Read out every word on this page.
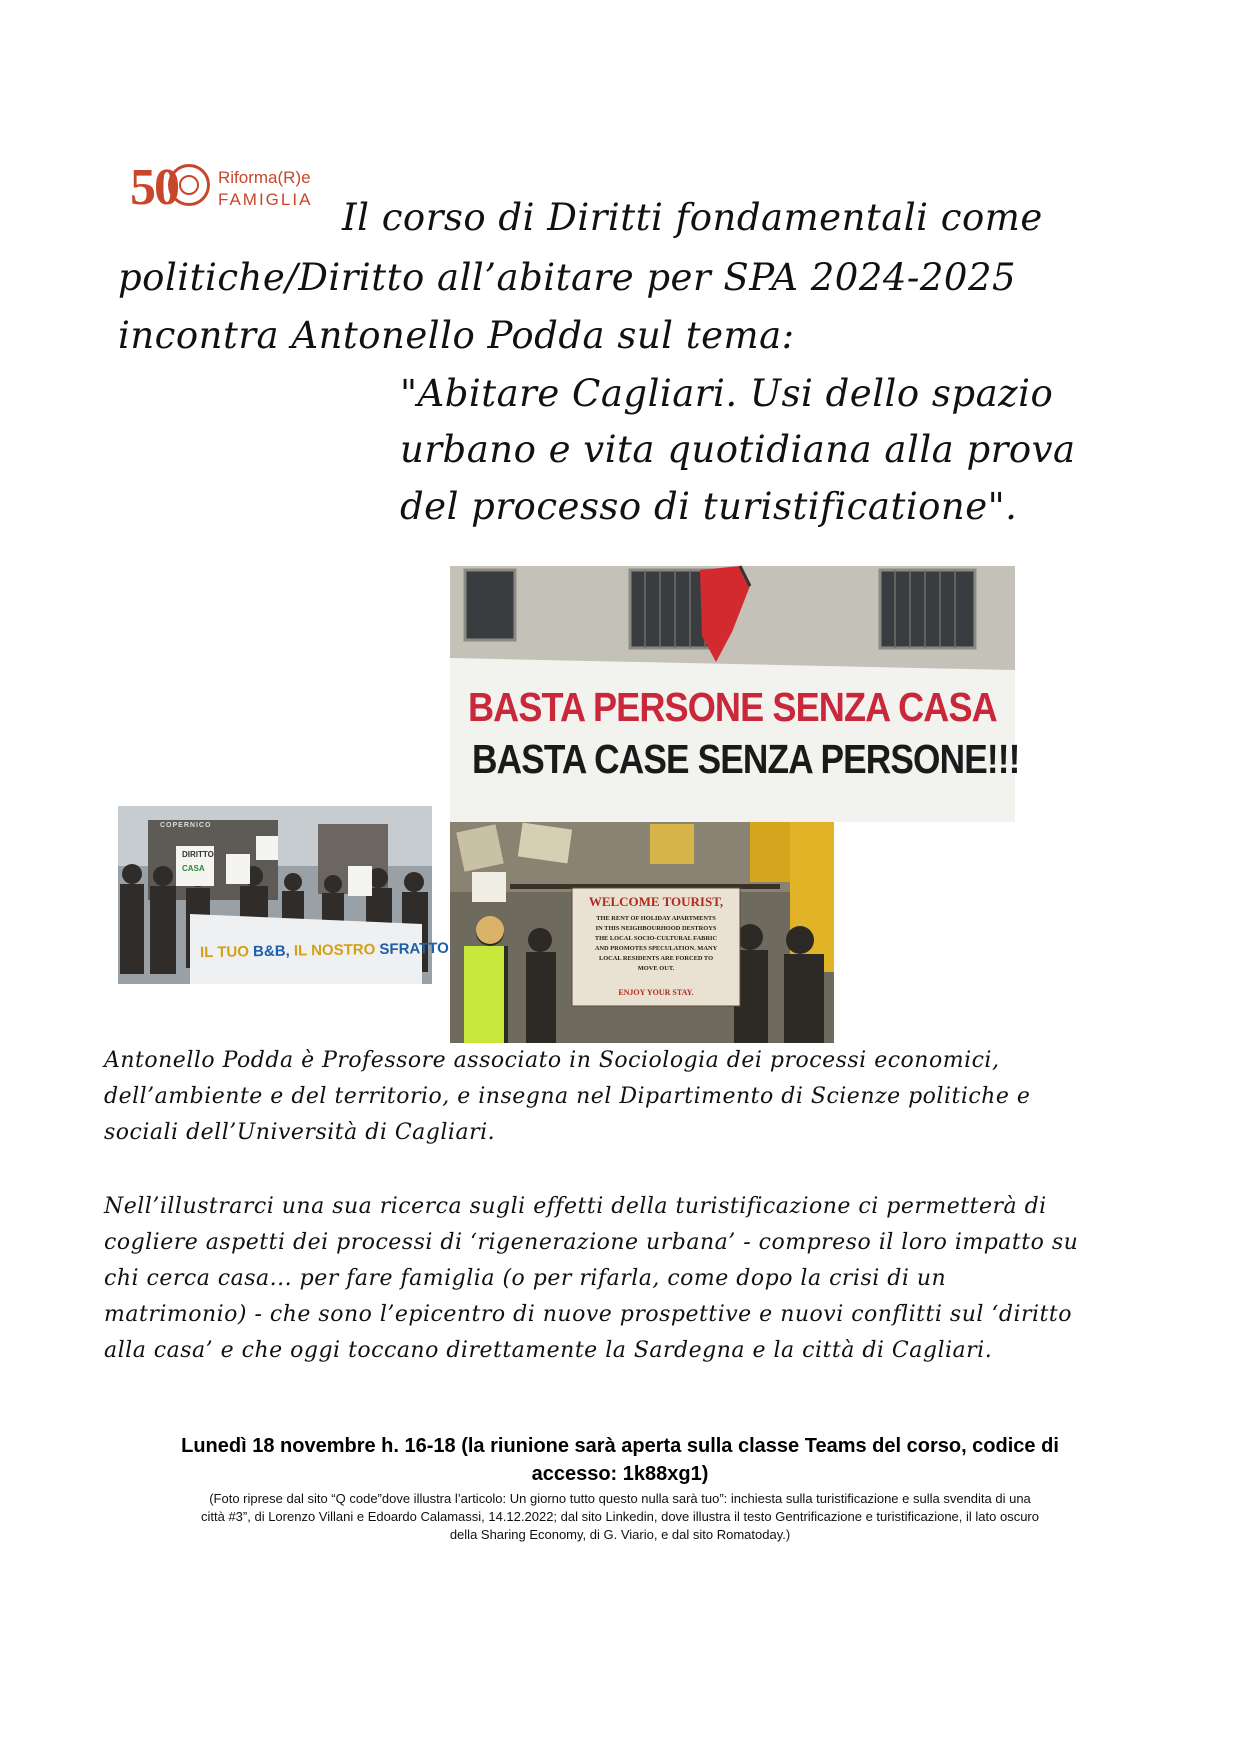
50 Riforma(R)e
FAMIGLIA Il corso di Diritti fondamentali come
politiche/Diritto all’abitare per SPA 2024-2025
incontra Antonello Podda sul tema:
"Abitare Cagliari. Usi dello spazio
urbano e vita quotidiana alla prova
del processo di turistificatione".
BASTA PERSONE SENZA CASA
BASTA CASE SENZA PERSONE!!!
DIRITTO
CASA
COPERNICO
IL TUO B&B, IL NOSTRO SFRATTO
WELCOME TOURIST,
THE RENT OF HOLIDAY APARTMENTS
IN THIS NEIGHBOURHOOD DESTROYS
THE LOCAL SOCIO-CULTURAL FABRIC
AND PROMOTES SPECULATION. MANY
LOCAL RESIDENTS ARE FORCED TO
MOVE OUT.
ENJOY YOUR STAY.
Antonello Podda è Professore associato in Sociologia dei processi economici,
dell’ambiente e del territorio, e insegna nel Dipartimento di Scienze politiche e
sociali dell’Università di Cagliari.
Nell’illustrarci una sua ricerca sugli effetti della turistificazione ci permetterà di
cogliere aspetti dei processi di ‘rigenerazione urbana’ - compreso il loro impatto su
chi cerca casa... per fare famiglia (o per rifarla, come dopo la crisi di un
matrimonio) - che sono l’epicentro di nuove prospettive e nuovi conflitti sul ‘diritto
alla casa’ e che oggi toccano direttamente la Sardegna e la città di Cagliari.
Lunedì 18 novembre h. 16-18 (la riunione sarà aperta sulla classe Teams del corso, codice di
accesso: 1k88xg1)
(Foto riprese dal sito “Q code”dove illustra l’articolo: Un giorno tutto questo nulla sarà tuo”: inchiesta sulla turistificazione e sulla svendita di una
città #3”, di Lorenzo Villani e Edoardo Calamassi, 14.12.2022; dal sito Linkedin, dove illustra il testo Gentrificazione e turistificazione, il lato oscuro
della Sharing Economy, di G. Viario, e dal sito Romatoday.)
